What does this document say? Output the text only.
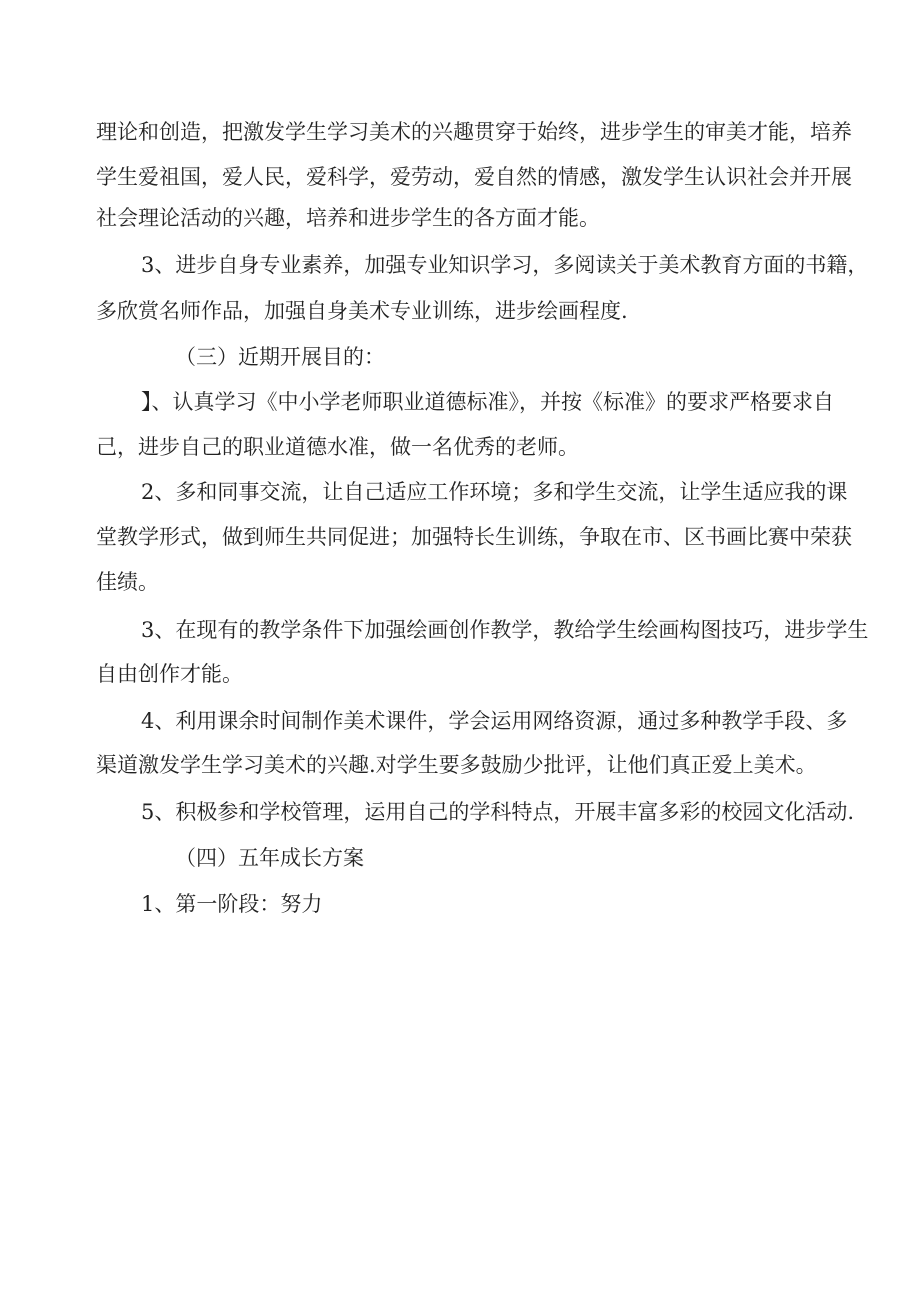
理论和创造，把激发学生学习美术的兴趣贯穿于始终，进步学生的审美才能，培养
学生爱祖国，爱人民，爱科学，爱劳动，爱自然的情感，激发学生认识社会并开展
社会理论活动的兴趣，培养和进步学生的各方面才能。
3、进步自身专业素养，加强专业知识学习，多阅读关于美术教育方面的书籍，
多欣赏名师作品，加强自身美术专业训练，进步绘画程度.
（三）近期开展目的：
】、认真学习《中小学老师职业道德标准》，并按《标准》的要求严格要求自
己，进步自己的职业道德水准，做一名优秀的老师。
2、多和同事交流，让自己适应工作环境；多和学生交流，让学生适应我的课
堂教学形式，做到师生共同促进；加强特长生训练，争取在市、区书画比赛中荣获
佳绩。
3、在现有的教学条件下加强绘画创作教学，教给学生绘画构图技巧，进步学生
自由创作才能。
4、利用课余时间制作美术课件，学会运用网络资源，通过多种教学手段、多
渠道激发学生学习美术的兴趣.对学生要多鼓励少批评，让他们真正爱上美术。
5、积极参和学校管理，运用自己的学科特点，开展丰富多彩的校园文化活动.
（四）五年成长方案
1、第一阶段：努力
